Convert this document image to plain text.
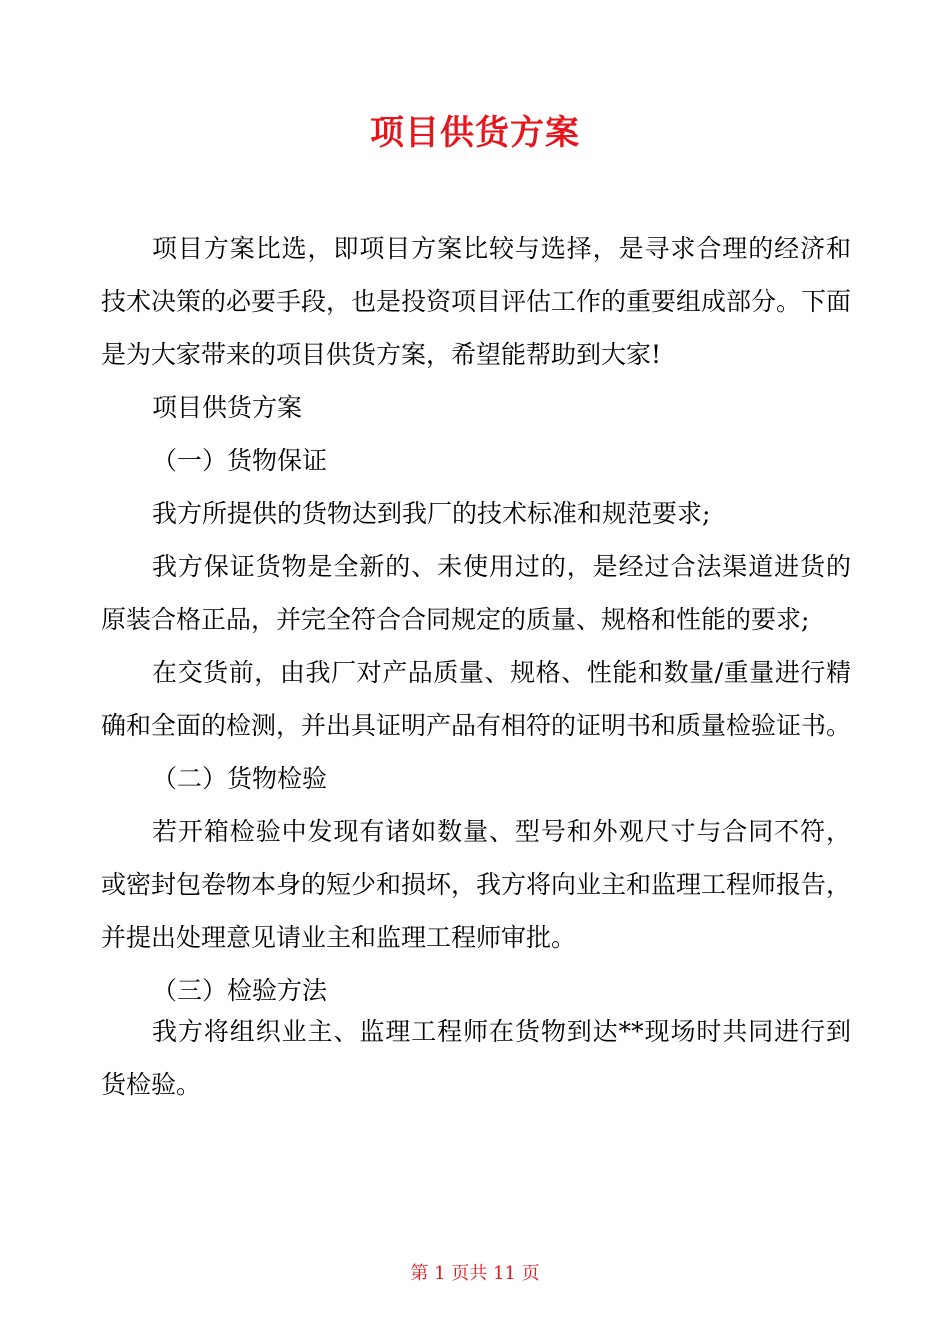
项目供货方案

项目方案比选，即项目方案比较与选择，是寻求合理的经济和技术决策的必要手段，也是投资项目评估工作的重要组成部分。下面是为大家带来的项目供货方案，希望能帮助到大家!

项目供货方案

（一）货物保证

我方所提供的货物达到我厂的技术标准和规范要求;

我方保证货物是全新的、未使用过的，是经过合法渠道进货的原装合格正品，并完全符合合同规定的质量、规格和性能的要求;

在交货前，由我厂对产品质量、规格、性能和数量/重量进行精确和全面的检测，并出具证明产品有相符的证明书和质量检验证书。

（二）货物检验

若开箱检验中发现有诸如数量、型号和外观尺寸与合同不符，或密封包卷物本身的短少和损坏，我方将向业主和监理工程师报告，并提出处理意见请业主和监理工程师审批。

（三）检验方法

我方将组织业主、监理工程师在货物到达**现场时共同进行到货检验。

第 1 页共 11 页
